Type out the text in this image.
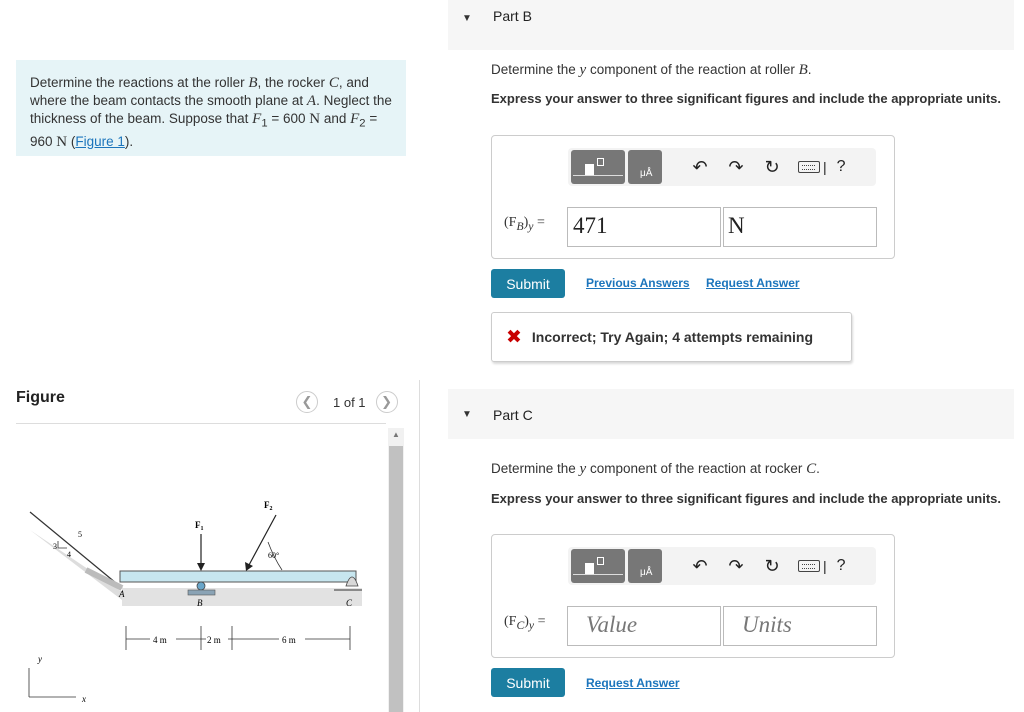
Determine the reactions at the roller B, the rocker C, and where the beam contacts the smooth plane at A. Neglect the thickness of the beam. Suppose that $F_1 = 600$ N and $F_2 = 960$ N (Figure 1).
Figure	❮ 1 of 1 ❯
5
3
4
$F_1$
$F_2$
60°
A
B	C
4 m	2 m	6 m
y
x
▲
▼ Part B
Determine the y component of the reaction at roller B.
Express your answer to three significant figures and include the appropriate units.
μÅ ↶ ↷ ↻	| ?
$(F_B)_y = 471$	N
Submit	Previous Answers Request Answer
✖ Incorrect; Try Again; 4 attempts remaining
▼ Part C
Determine the y component of the reaction at rocker C.
Express your answer to three significant figures and include the appropriate units.
μÅ ↶ ↷ ↻	| ?
$(F_C)_y$ =	Value	Units
Submit	Request Answer
